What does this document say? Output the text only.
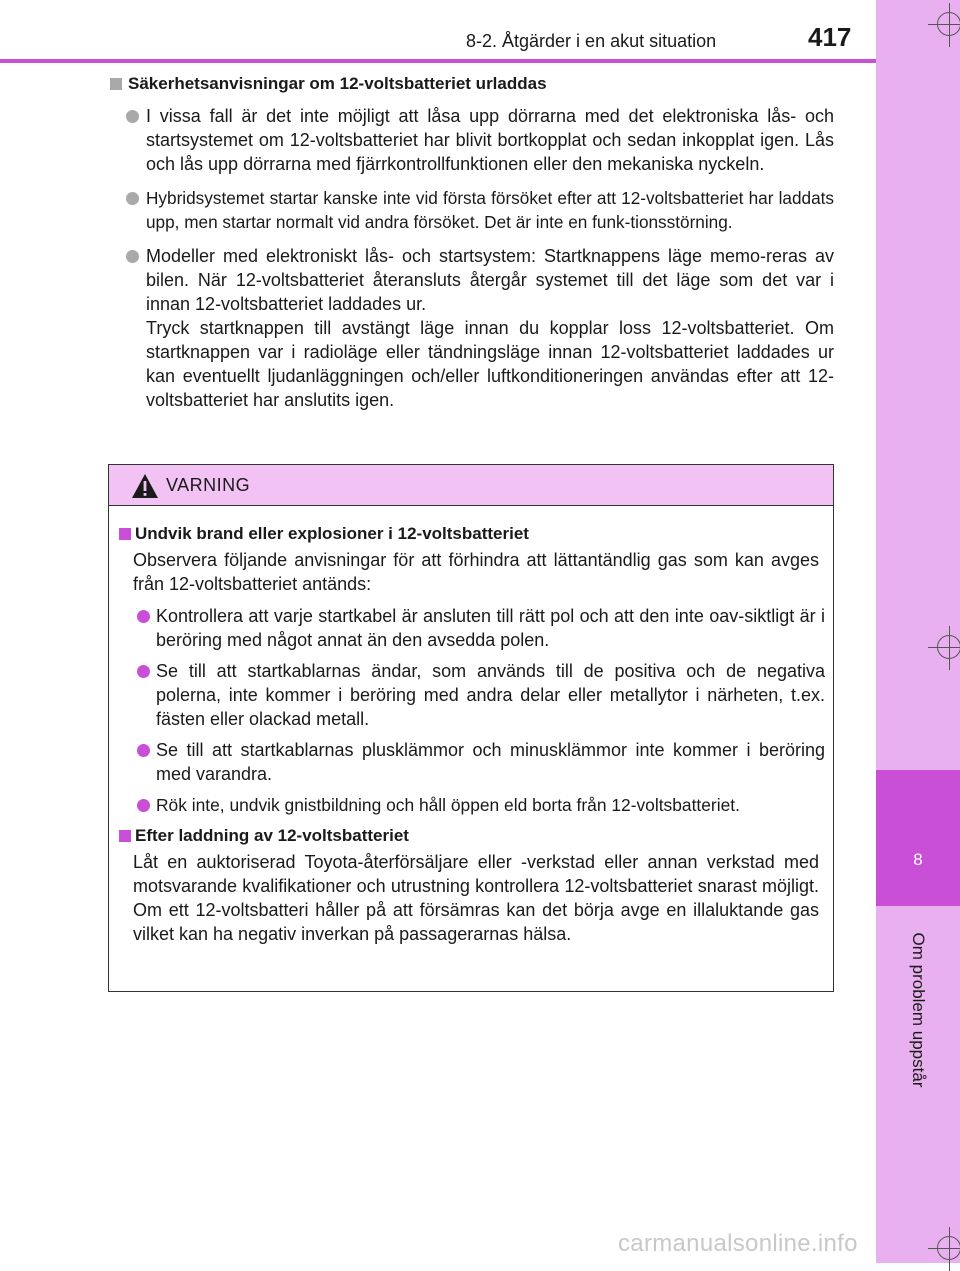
8
Om problem uppstår
8-2. Åtgärder i en akut situation	417
Säkerhetsanvisningar om 12-voltsbatteriet urladdas

I vissa fall är det inte möjligt att låsa upp dörrarna med det elektroniska lås- och startsystemet om 12-voltsbatteriet har blivit bortkopplat och sedan inkopplat igen. Lås och lås upp dörrarna med fjärrkontrollfunktionen eller den mekaniska nyckeln.

Hybridsystemet startar kanske inte vid första försöket efter att 12-voltsbatteriet har laddats upp, men startar normalt vid andra försöket. Det är inte en funk-tionsstörning.

Modeller med elektroniskt lås- och startsystem: Startknappens läge memo-reras av bilen. När 12-voltsbatteriet återansluts återgår systemet till det läge som det var i innan 12-voltsbatteriet laddades ur.

Tryck startknappen till avstängt läge innan du kopplar loss 12-voltsbatteriet. Om startknappen var i radioläge eller tändningsläge innan 12-voltsbatteriet laddades ur kan eventuellt ljudanläggningen och/eller luftkonditioneringen användas efter att 12-voltsbatteriet har anslutits igen.

VARNING
Undvik brand eller explosioner i 12-voltsbatteriet
Observera följande anvisningar för att förhindra att lättantändlig gas som kan avges från 12-voltsbatteriet antänds:
Kontrollera att varje startkabel är ansluten till rätt pol och att den inte oav-siktligt är i beröring med något annat än den avsedda polen.
Se till att startkablarnas ändar, som används till de positiva och de negativa polerna, inte kommer i beröring med andra delar eller metallytor i närheten, t.ex. fästen eller olackad metall.
Se till att startkablarnas plusklämmor och minusklämmor inte kommer i beröring med varandra.
Rök inte, undvik gnistbildning och håll öppen eld borta från 12-voltsbatteriet.
Efter laddning av 12-voltsbatteriet
Låt en auktoriserad Toyota-återförsäljare eller -verkstad eller annan verkstad med motsvarande kvalifikationer och utrustning kontrollera 12-voltsbatteriet snarast möjligt. Om ett 12-voltsbatteri håller på att försämras kan det börja avge en illaluktande gas vilket kan ha negativ inverkan på passagerarnas hälsa.
carmanualsonline.info
